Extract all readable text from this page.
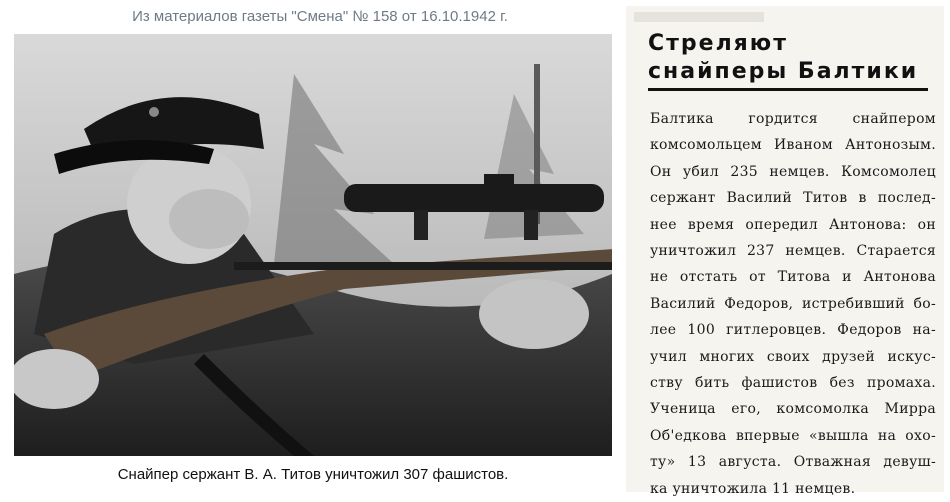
Из материалов газеты "Смена" № 158 от 16.10.1942 г.
Снайпер сержант В. А. Титов уничтожил 307 фашистов.
Стреляют
снайперы Балтики
Балтика гордится снайпером
комсомольцем Иваном Антонозым.
Он убил 235 немцев. Комсомолец
сержант Василий Титов в послед-
нее время опередил Антонова: он
уничтожил 237 немцев. Старается
не отстать от Титова и Антонова
Василий Федоров, истребивший бо-
лее 100 гитлеровцев. Федоров на-
учил многих своих друзей искус-
ству бить фашистов без промаха.
Ученица его, комсомолка Мирра
Об'едкова впервые «вышла на охо-
ту» 13 августа. Отважная девуш-
ка уничтожила 11 немцев.
